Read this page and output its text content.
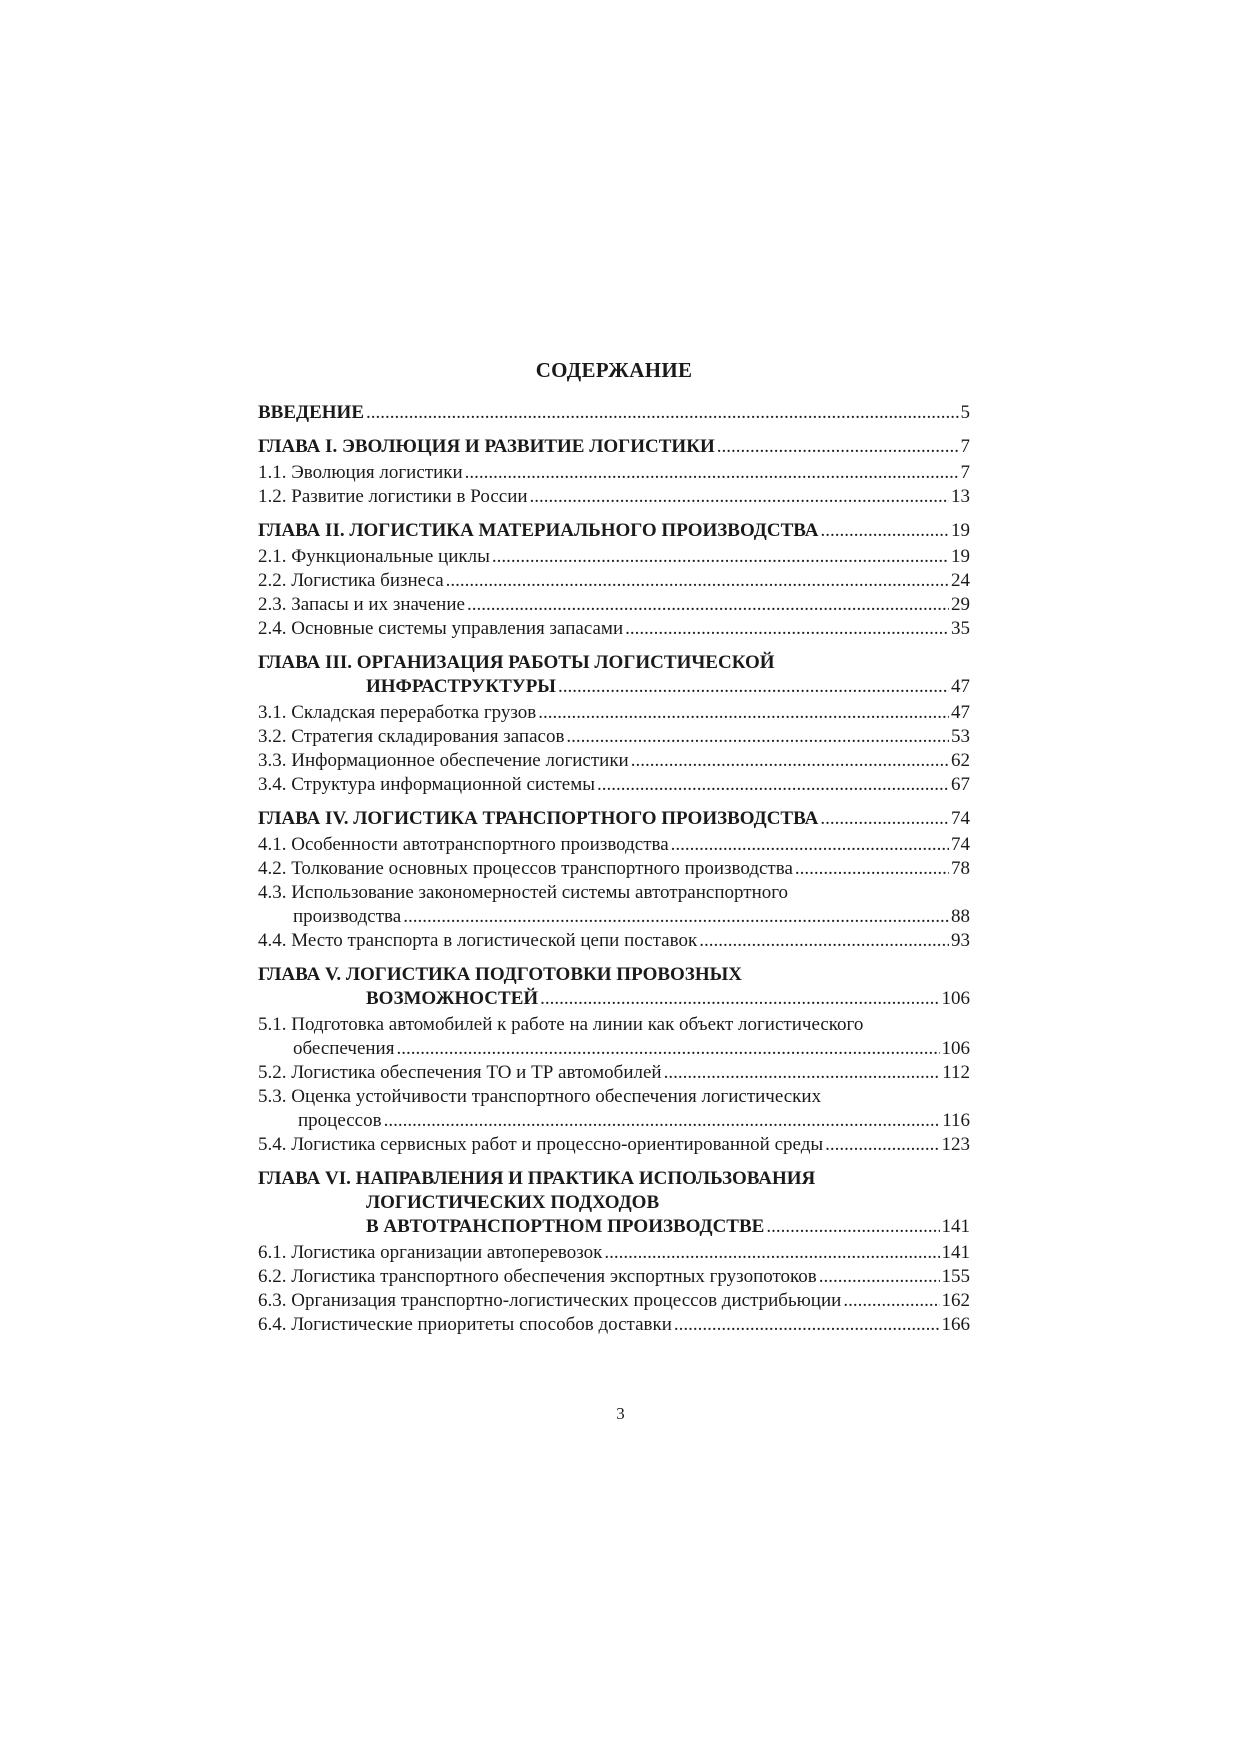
СОДЕРЖАНИЕ
ВВЕДЕНИЕ .....	5
ГЛАВА I. ЭВОЛЮЦИЯ И РАЗВИТИЕ ЛОГИСТИКИ .....	7
1.1. Эволюция логистики .....	7
1.2. Развитие логистики в России .....	13
ГЛАВА II. ЛОГИСТИКА МАТЕРИАЛЬНОГО ПРОИЗВОДСТВА .....	19
2.1. Функциональные циклы .....	19
2.2. Логистика бизнеса .....	24
2.3. Запасы и их значение .....	29
2.4. Основные системы управления запасами .....	35
ГЛАВА III. ОРГАНИЗАЦИЯ РАБОТЫ ЛОГИСТИЧЕСКОЙ
ИНФРАСТРУКТУРЫ .....	47
3.1. Складская переработка грузов .....	47
3.2. Стратегия складирования запасов .....	53
3.3. Информационное обеспечение логистики .....	62
3.4. Структура информационной системы .....	67
ГЛАВА IV. ЛОГИСТИКА ТРАНСПОРТНОГО ПРОИЗВОДСТВА .....	74
4.1. Особенности автотранспортного производства .....	74
4.2. Толкование основных процессов транспортного производства .....	78
4.3. Использование закономерностей системы автотранспортного
производства .....	88
4.4. Место транспорта в логистической цепи поставок .....	93
ГЛАВА V. ЛОГИСТИКА ПОДГОТОВКИ ПРОВОЗНЫХ
ВОЗМОЖНОСТЕЙ .....	106
5.1. Подготовка автомобилей к работе на линии как объект логистического
обеспечения .....	106
5.2. Логистика обеспечения ТО и ТР автомобилей .....	112
5.3. Оценка устойчивости транспортного обеспечения логистических
процессов .....	116
5.4. Логистика сервисных работ и процессно-ориентированной среды .....	123
ГЛАВА VI. НАПРАВЛЕНИЯ И ПРАКТИКА ИСПОЛЬЗОВАНИЯ
ЛОГИСТИЧЕСКИХ ПОДХОДОВ
В АВТОТРАНСПОРТНОМ ПРОИЗВОДСТВЕ .....	141
6.1. Логистика организации автоперевозок .....	141
6.2. Логистика транспортного обеспечения экспортных грузопотоков .....	155
6.3. Организация транспортно-логистических процессов дистрибьюции .....	162
6.4. Логистические приоритеты способов доставки .....	166
3
